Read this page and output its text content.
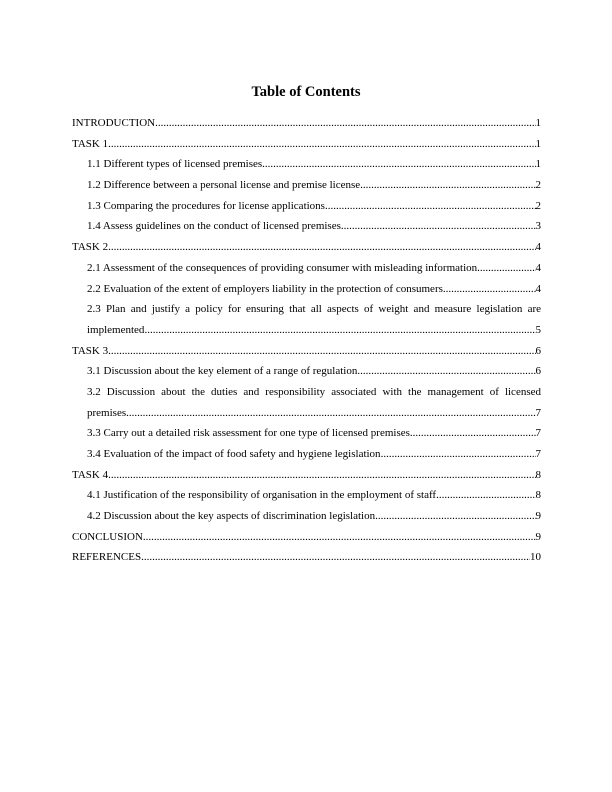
Table of Contents
INTRODUCTION .....	1
TASK 1 .....	1
1.1 Different types of licensed premises .....	1
1.2 Difference between a personal license and premise license .....	2
1.3 Comparing the procedures for license applications .....	2
1.4 Assess guidelines on the conduct of licensed premises .....	3
TASK 2 .....	4
2.1 Assessment of the consequences of providing consumer with misleading information .....	4
2.2 Evaluation of the extent of employers liability in the protection of consumers .....	4
2.3 Plan and justify a policy for ensuring that all aspects of weight and measure legislation are
implemented .....	5
TASK 3 .....	6
3.1 Discussion about the key element of a range of regulation .....	6
3.2 Discussion about the duties and responsibility associated with the management of licensed
premises .....	7
3.3 Carry out a detailed risk assessment for one type of licensed premises .....	7
3.4 Evaluation of the impact of food safety and hygiene legislation .....	7
TASK 4 .....	8
4.1 Justification of the responsibility of organisation in the employment of staff .....	8
4.2 Discussion about the key aspects of discrimination legislation .....	9
CONCLUSION .....	9
REFERENCES .....	10
